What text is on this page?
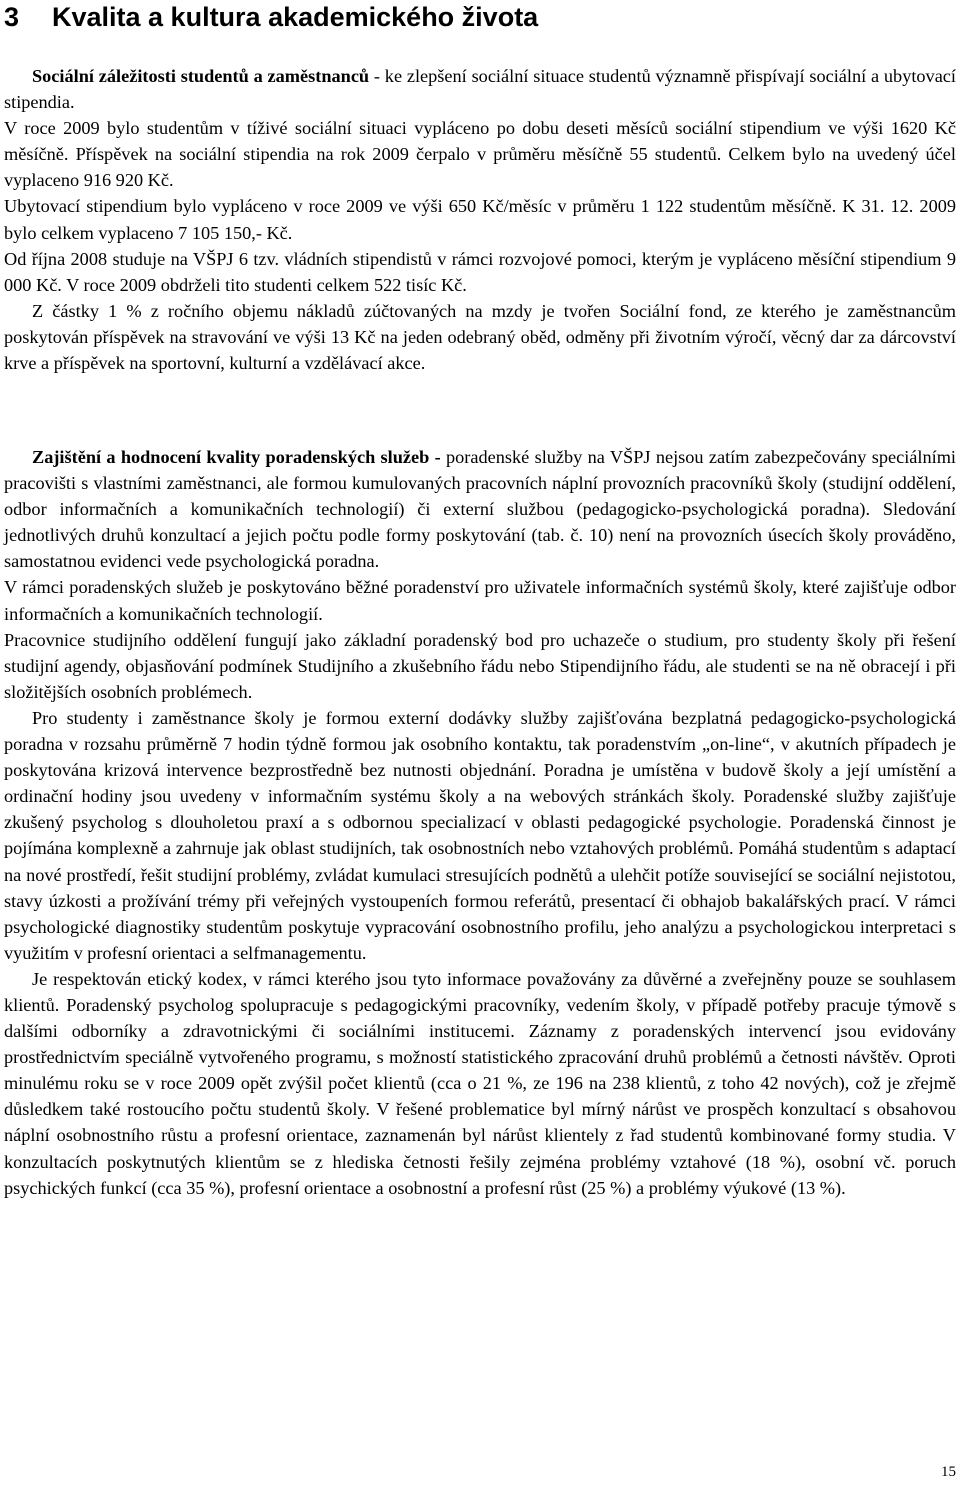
3 Kvalita a kultura akademického života

Sociální záležitosti studentů a zaměstnanců - ke zlepšení sociální situace studentů významně přispívají sociální a ubytovací stipendia.

V roce 2009 bylo studentům v tíživé sociální situaci vypláceno po dobu deseti měsíců sociální stipendium ve výši 1620 Kč měsíčně. Příspěvek na sociální stipendia na rok 2009 čerpalo v průměru měsíčně 55 studentů. Celkem bylo na uvedený účel vyplaceno 916 920 Kč.

Ubytovací stipendium bylo vypláceno v roce 2009 ve výši 650 Kč/měsíc v průměru 1 122 studentům měsíčně. K 31. 12. 2009 bylo celkem vyplaceno 7 105 150,- Kč.

Od října 2008 studuje na VŠPJ 6 tzv. vládních stipendistů v rámci rozvojové pomoci, kterým je vypláceno měsíční stipendium 9 000 Kč. V roce 2009 obdrželi tito studenti celkem 522 tisíc Kč.

Z částky 1 % z ročního objemu nákladů zúčtovaných na mzdy je tvořen Sociální fond, ze kterého je zaměstnancům poskytován příspěvek na stravování ve výši 13 Kč na jeden odebraný oběd, odměny při životním výročí, věcný dar za dárcovství krve a příspěvek na sportovní, kulturní a vzdělávací akce.

Zajištění a hodnocení kvality poradenských služeb - poradenské služby na VŠPJ nejsou zatím zabezpečovány speciálními pracovišti s vlastními zaměstnanci, ale formou kumulovaných pracovních náplní provozních pracovníků školy (studijní oddělení, odbor informačních a komunikačních technologií) či externí službou (pedagogicko-psychologická poradna). Sledování jednotlivých druhů konzultací a jejich počtu podle formy poskytování (tab. č. 10) není na provozních úsecích školy prováděno, samostatnou evidenci vede psychologická poradna.

V rámci poradenských služeb je poskytováno běžné poradenství pro uživatele informačních systémů školy, které zajišťuje odbor informačních a komunikačních technologií.

Pracovnice studijního oddělení fungují jako základní poradenský bod pro uchazeče o studium, pro studenty školy při řešení studijní agendy, objasňování podmínek Studijního a zkušebního řádu nebo Stipendijního řádu, ale studenti se na ně obracejí i při složitějších osobních problémech.

Pro studenty i zaměstnance školy je formou externí dodávky služby zajišťována bezplatná pedagogicko-psychologická poradna v rozsahu průměrně 7 hodin týdně formou jak osobního kontaktu, tak poradenstvím „on-line“, v akutních případech je poskytována krizová intervence bezprostředně bez nutnosti objednání. Poradna je umístěna v budově školy a její umístění a ordinační hodiny jsou uvedeny v informačním systému školy a na webových stránkách školy. Poradenské služby zajišťuje zkušený psycholog s dlouholetou praxí a s odbornou specializací v oblasti pedagogické psychologie. Poradenská činnost je pojímána komplexně a zahrnuje jak oblast studijních, tak osobnostních nebo vztahových problémů. Pomáhá studentům s adaptací na nové prostředí, řešit studijní problémy, zvládat kumulaci stresujících podnětů a ulehčit potíže související se sociální nejistotou, stavy úzkosti a prožívání trémy při veřejných vystoupeních formou referátů, presentací či obhajob bakalářských prací. V rámci psychologické diagnostiky studentům poskytuje vypracování osobnostního profilu, jeho analýzu a psychologickou interpretaci s využitím v profesní orientaci a selfmanagementu.

Je respektován etický kodex, v rámci kterého jsou tyto informace považovány za důvěrné a zveřejněny pouze se souhlasem klientů. Poradenský psycholog spolupracuje s pedagogickými pracovníky, vedením školy, v případě potřeby pracuje týmově s dalšími odborníky a zdravotnickými či sociálními institucemi. Záznamy z poradenských intervencí jsou evidovány prostřednictvím speciálně vytvořeného programu, s možností statistického zpracování druhů problémů a četnosti návštěv. Oproti minulému roku se v roce 2009 opět zvýšil počet klientů (cca o 21 %, ze 196 na 238 klientů, z toho 42 nových), což je zřejmě důsledkem také rostoucího počtu studentů školy. V řešené problematice byl mírný nárůst ve prospěch konzultací s obsahovou náplní osobnostního růstu a profesní orientace, zaznamenán byl nárůst klientely z řad studentů kombinované formy studia. V konzultacích poskytnutých klientům se z hlediska četnosti řešily zejména problémy vztahové (18 %), osobní vč. poruch psychických funkcí (cca 35 %), profesní orientace a osobnostní a profesní růst (25 %) a problémy výukové (13 %).

15
